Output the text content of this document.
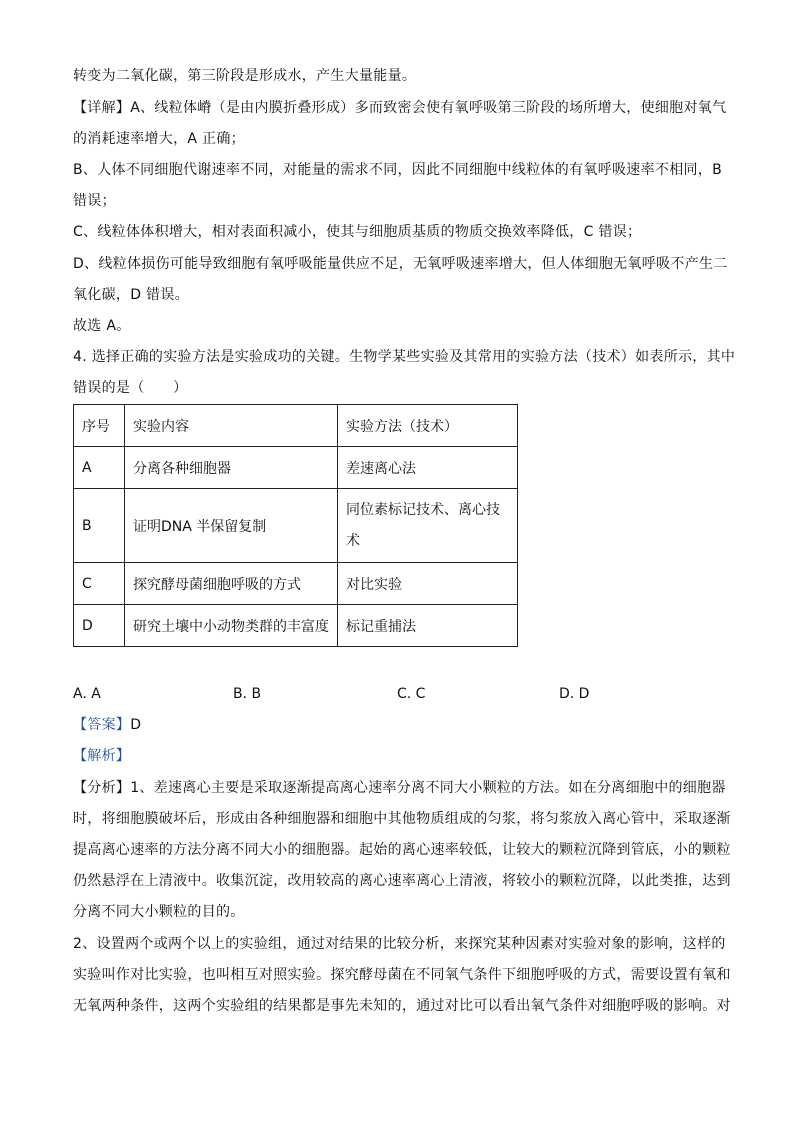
转变为二氧化碳，第三阶段是形成水，产生大量能量。
【详解】A、线粒体嵴（是由内膜折叠形成）多而致密会使有氧呼吸第三阶段的场所增大，使细胞对氧气
的消耗速率增大，A 正确；
B、人体不同细胞代谢速率不同，对能量的需求不同，因此不同细胞中线粒体的有氧呼吸速率不相同，B
错误；
C、线粒体体积增大，相对表面积减小，使其与细胞质基质的物质交换效率降低，C 错误；
D、线粒体损伤可能导致细胞有氧呼吸能量供应不足，无氧呼吸速率增大，但人体细胞无氧呼吸不产生二
氧化碳，D 错误。
故选 A。
4. 选择正确的实验方法是实验成功的关键。生物学某些实验及其常用的实验方法（技术）如表所示，其中
错误的是（　　）
序号	实验内容	实验方法（技术）
A	分离各种细胞器	差速离心法
B	证明DNA 半保留复制	同位素标记技术、离心技
术

C	探究酵母菌细胞呼吸的方式	对比实验
D	研究土壤中小动物类群的丰富度	标记重捕法
A. A	B. B	C. C	D. D
【答案】D
【解析】
【分析】1、差速离心主要是采取逐渐提高离心速率分离不同大小颗粒的方法。如在分离细胞中的细胞器
时，将细胞膜破坏后，形成由各种细胞器和细胞中其他物质组成的匀浆，将匀浆放入离心管中，采取逐渐
提高离心速率的方法分离不同大小的细胞器。起始的离心速率较低，让较大的颗粒沉降到管底，小的颗粒
仍然悬浮在上清液中。收集沉淀，改用较高的离心速率离心上清液，将较小的颗粒沉降，以此类推，达到
分离不同大小颗粒的目的。
2、设置两个或两个以上的实验组，通过对结果的比较分析，来探究某种因素对实验对象的影响，这样的
实验叫作对比实验，也叫相互对照实验。探究酵母菌在不同氧气条件下细胞呼吸的方式，需要设置有氧和
无氧两种条件，这两个实验组的结果都是事先未知的，通过对比可以看出氧气条件对细胞呼吸的影响。对
